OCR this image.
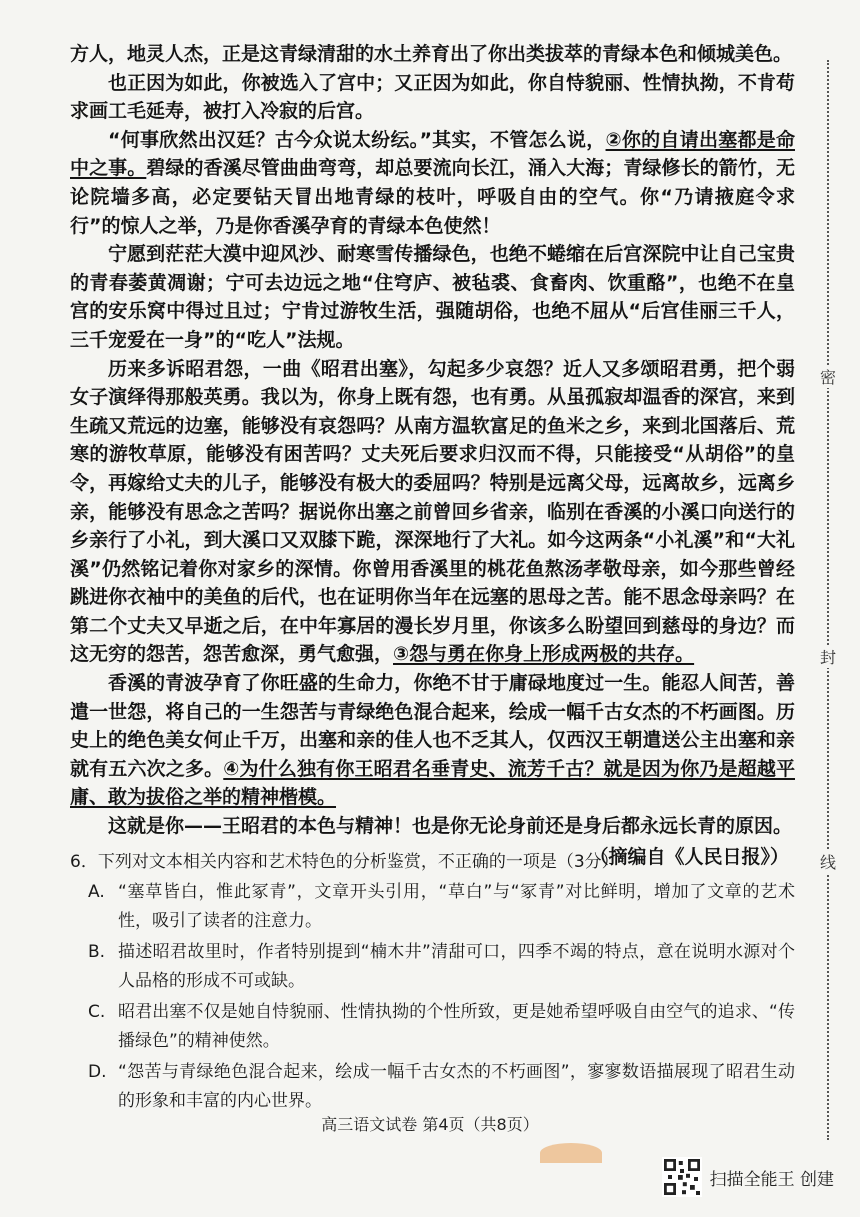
方人，地灵人杰，正是这青绿清甜的水土养育出了你出类拔萃的青绿本色和倾城美色。

也正因为如此，你被选入了宫中；又正因为如此，你自恃貌丽、性情执拗，不肯苟求画工毛延寿，被打入冷寂的后宫。

“何事欣然出汉廷？古今众说太纷纭。”其实，不管怎么说，②你的自请出塞都是命中之事。碧绿的香溪尽管曲曲弯弯，却总要流向长江，涌入大海；青绿修长的箭竹，无论院墙多高，必定要钻天冒出地青绿的枝叶，呼吸自由的空气。你“乃请掖庭令求行”的惊人之举，乃是你香溪孕育的青绿本色使然！

宁愿到茫茫大漠中迎风沙、耐寒雪传播绿色，也绝不蜷缩在后宫深院中让自己宝贵的青春萎黄凋谢；宁可去边远之地“住穹庐、被毡裘、食畜肉、饮重酪”，也绝不在皇宫的安乐窝中得过且过；宁肯过游牧生活，强随胡俗，也绝不屈从“后宫佳丽三千人，三千宠爱在一身”的“吃人”法规。

历来多诉昭君怨，一曲《昭君出塞》，勾起多少哀怨？近人又多颂昭君勇，把个弱女子演绎得那般英勇。我以为，你身上既有怨，也有勇。从虽孤寂却温香的深宫，来到生疏又荒远的边塞，能够没有哀怨吗？从南方温软富足的鱼米之乡，来到北国落后、荒寒的游牧草原，能够没有困苦吗？丈夫死后要求归汉而不得，只能接受“从胡俗”的皇令，再嫁给丈夫的儿子，能够没有极大的委屈吗？特别是远离父母，远离故乡，远离乡亲，能够没有思念之苦吗？据说你出塞之前曾回乡省亲，临别在香溪的小溪口向送行的乡亲行了小礼，到大溪口又双膝下跪，深深地行了大礼。如今这两条“小礼溪”和“大礼溪”仍然铭记着你对家乡的深情。你曾用香溪里的桃花鱼熬汤孝敬母亲，如今那些曾经跳进你衣袖中的美鱼的后代，也在证明你当年在远塞的思母之苦。能不思念母亲吗？在第二个丈夫又早逝之后，在中年寡居的漫长岁月里，你该多么盼望回到慈母的身边？而这无穷的怨苦，怨苦愈深，勇气愈强，③怨与勇在你身上形成两极的共存。

香溪的青波孕育了你旺盛的生命力，你绝不甘于庸碌地度过一生。能忍人间苦，善遣一世怨，将自己的一生怨苦与青绿绝色混合起来，绘成一幅千古女杰的不朽画图。历史上的绝色美女何止千万，出塞和亲的佳人也不乏其人，仅西汉王朝遣送公主出塞和亲就有五六次之多。④为什么独有你王昭君名垂青史、流芳千古？就是因为你乃是超越平庸、敢为拔俗之举的精神楷模。

这就是你——王昭君的本色与精神！也是你无论身前还是身后都永远长青的原因。

（摘编自《人民日报》）

6．下列对文本相关内容和艺术特色的分析鉴赏，不正确的一项是（3分）

A. “塞草皆白，惟此冢青”，文章开头引用，“草白”与“冢青”对比鲜明，增加了文章的艺术性，吸引了读者的注意力。
B. 描述昭君故里时，作者特别提到“楠木井”清甜可口，四季不竭的特点，意在说明水源对个人品格的形成不可或缺。
C. 昭君出塞不仅是她自恃貌丽、性情执拗的个性所致，更是她希望呼吸自由空气的追求、“传播绿色”的精神使然。
D. “怨苦与青绿绝色混合起来，绘成一幅千古女杰的不朽画图”，寥寥数语描展现了昭君生动的形象和丰富的内心世界。
高三语文试卷 第4页（共8页）
密
封
线
扫描全能王 创建
